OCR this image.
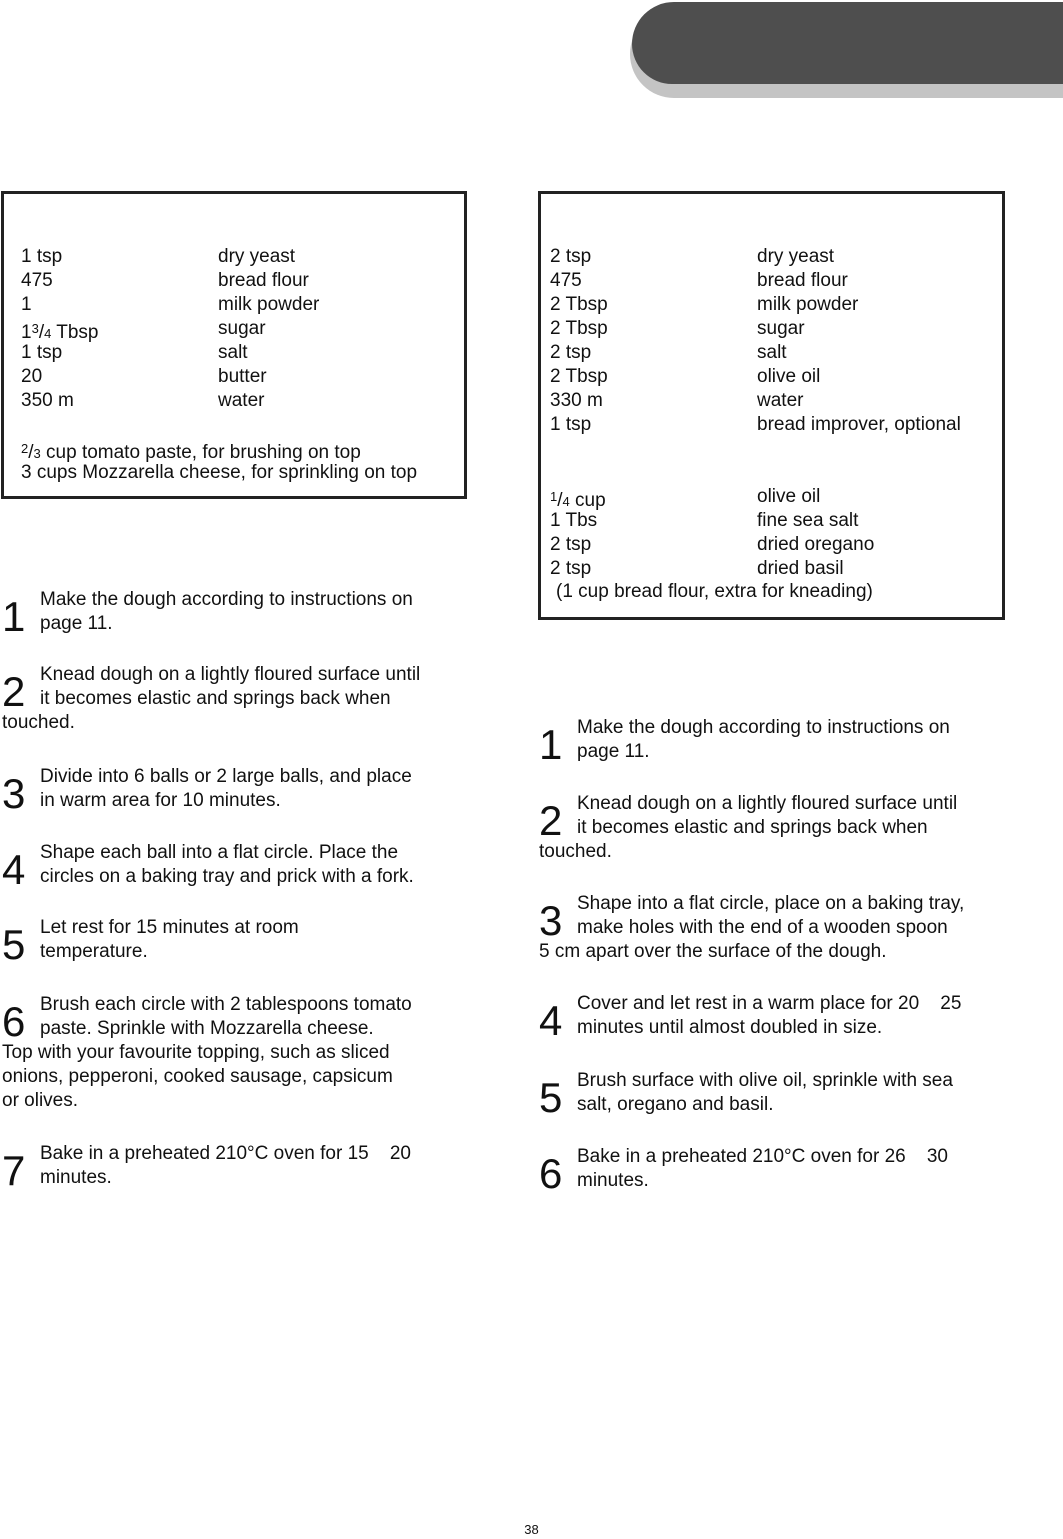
1 tsp	dry yeast
475	bread flour
1	milk powder
$1^3/4$ Tbsp	sugar
1 tsp	salt
20	butter
350 m	water
$^2$/3 cup tomato paste, for brushing on top
3 cups Mozzarella cheese, for sprinkling on top
1 Make the dough according to instructions on
page 11.
2 Knead dough on a lightly floured surface until
it becomes elastic and springs back when
touched.
3 Divide into 6 balls or 2 large balls, and place
in warm area for 10 minutes.
4 Shape each ball into a flat circle. Place the
circles on a baking tray and prick with a fork.
5 Let rest for 15 minutes at room
temperature.
6 Brush each circle with 2 tablespoons tomato
paste. Sprinkle with Mozzarella cheese.
Top with your favourite topping, such as sliced
onions, pepperoni, cooked sausage, capsicum
or olives.
7 Bake in a preheated 210°C oven for 15    20
minutes.
2 tsp	dry yeast
475	bread flour
2 Tbsp	milk powder
2 Tbsp	sugar
2 tsp	salt
2 Tbsp	olive oil
330 m	water
1 tsp	bread improver, optional
$^1$/4 cup	olive oil
1 Tbs	fine sea salt
2 tsp	dried oregano
2 tsp	dried basil
(1 cup bread flour, extra for kneading)
1 Make the dough according to instructions on
page 11.
2 Knead dough on a lightly floured surface until
it becomes elastic and springs back when
touched.
3 Shape into a flat circle, place on a baking tray,
make holes with the end of a wooden spoon
5 cm apart over the surface of the dough.
4 Cover and let rest in a warm place for 20    25
minutes until almost doubled in size.
5 Brush surface with olive oil, sprinkle with sea
salt, oregano and basil.
6 Bake in a preheated 210°C oven for 26    30
minutes.
38
